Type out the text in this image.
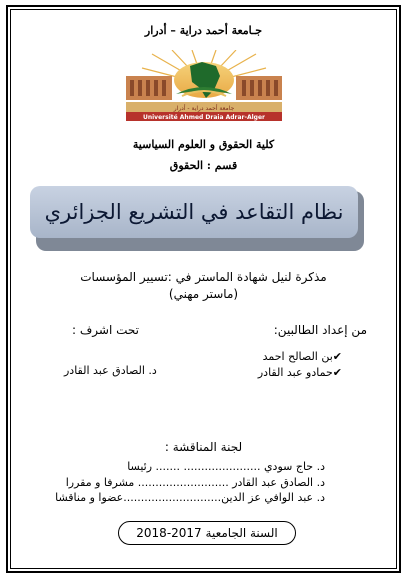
جـامعة أحمد دراية – أدرار
جامعة أحمد دراية - أدرار
Université Ahmed Draia Adrar-Alger
كلية الحقوق و العلوم السياسية
قسم : الحقوق
نظام التقاعد في التشريع الجزائري
مذكرة لنيل شهادة الماستر في :تسيير المؤسسات
(ماستر مهني)
من إعداد الطالبين:
تحت اشرف :
✔بن الصالح احمد
✔حمادو عبد القادر
د. الصادق عبد القادر
لجنة المناقشة :
د. حاج سودي ...................... ....... رئيسا
د. الصادق عبد القادر .......................... مشرفا و مقررا
د. عبد الوافي عز الدين............................عضوا و مناقشا
السنة الجامعية 2017-2018
